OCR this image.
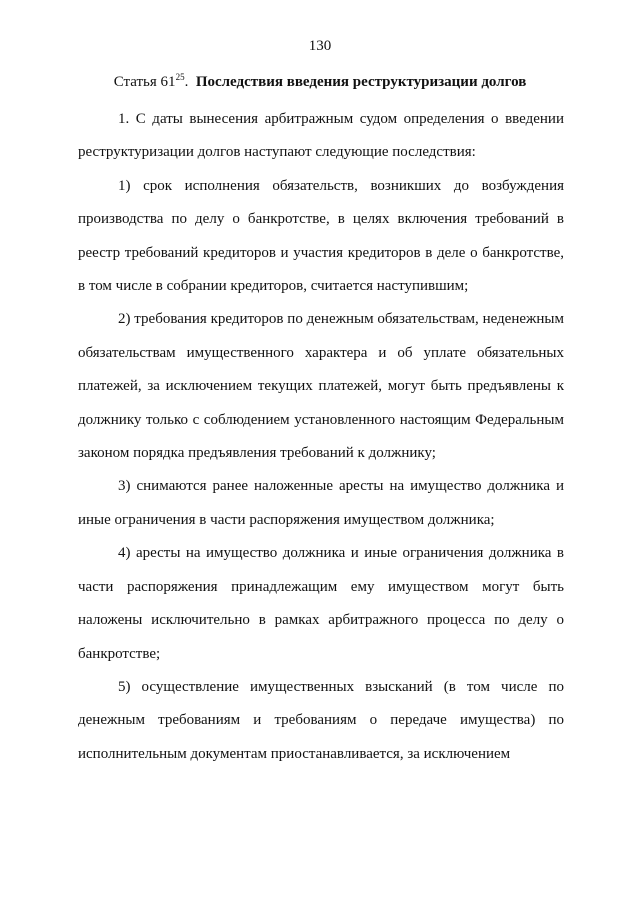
130
Статья $61^{25}$. Последствия введения реструктуризации долгов

1. С даты вынесения арбитражным судом определения о введении реструктуризации долгов наступают следующие последствия:

1) срок исполнения обязательств, возникших до возбуждения производства по делу о банкротстве, в целях включения требований в реестр требований кредиторов и участия кредиторов в деле о банкротстве, в том числе в собрании кредиторов, считается наступившим;

2) требования кредиторов по денежным обязательствам, неденежным обязательствам имущественного характера и об уплате обязательных платежей, за исключением текущих платежей, могут быть предъявлены к должнику только с соблюдением установленного настоящим Федеральным законом порядка предъявления требований к должнику;

3) снимаются ранее наложенные аресты на имущество должника и иные ограничения в части распоряжения имуществом должника;

4) аресты на имущество должника и иные ограничения должника в части распоряжения принадлежащим ему имуществом могут быть наложены исключительно в рамках арбитражного процесса по делу о банкротстве;

5) осуществление имущественных взысканий (в том числе по денежным требованиям и требованиям о передаче имущества) по исполнительным документам приостанавливается, за исключением
